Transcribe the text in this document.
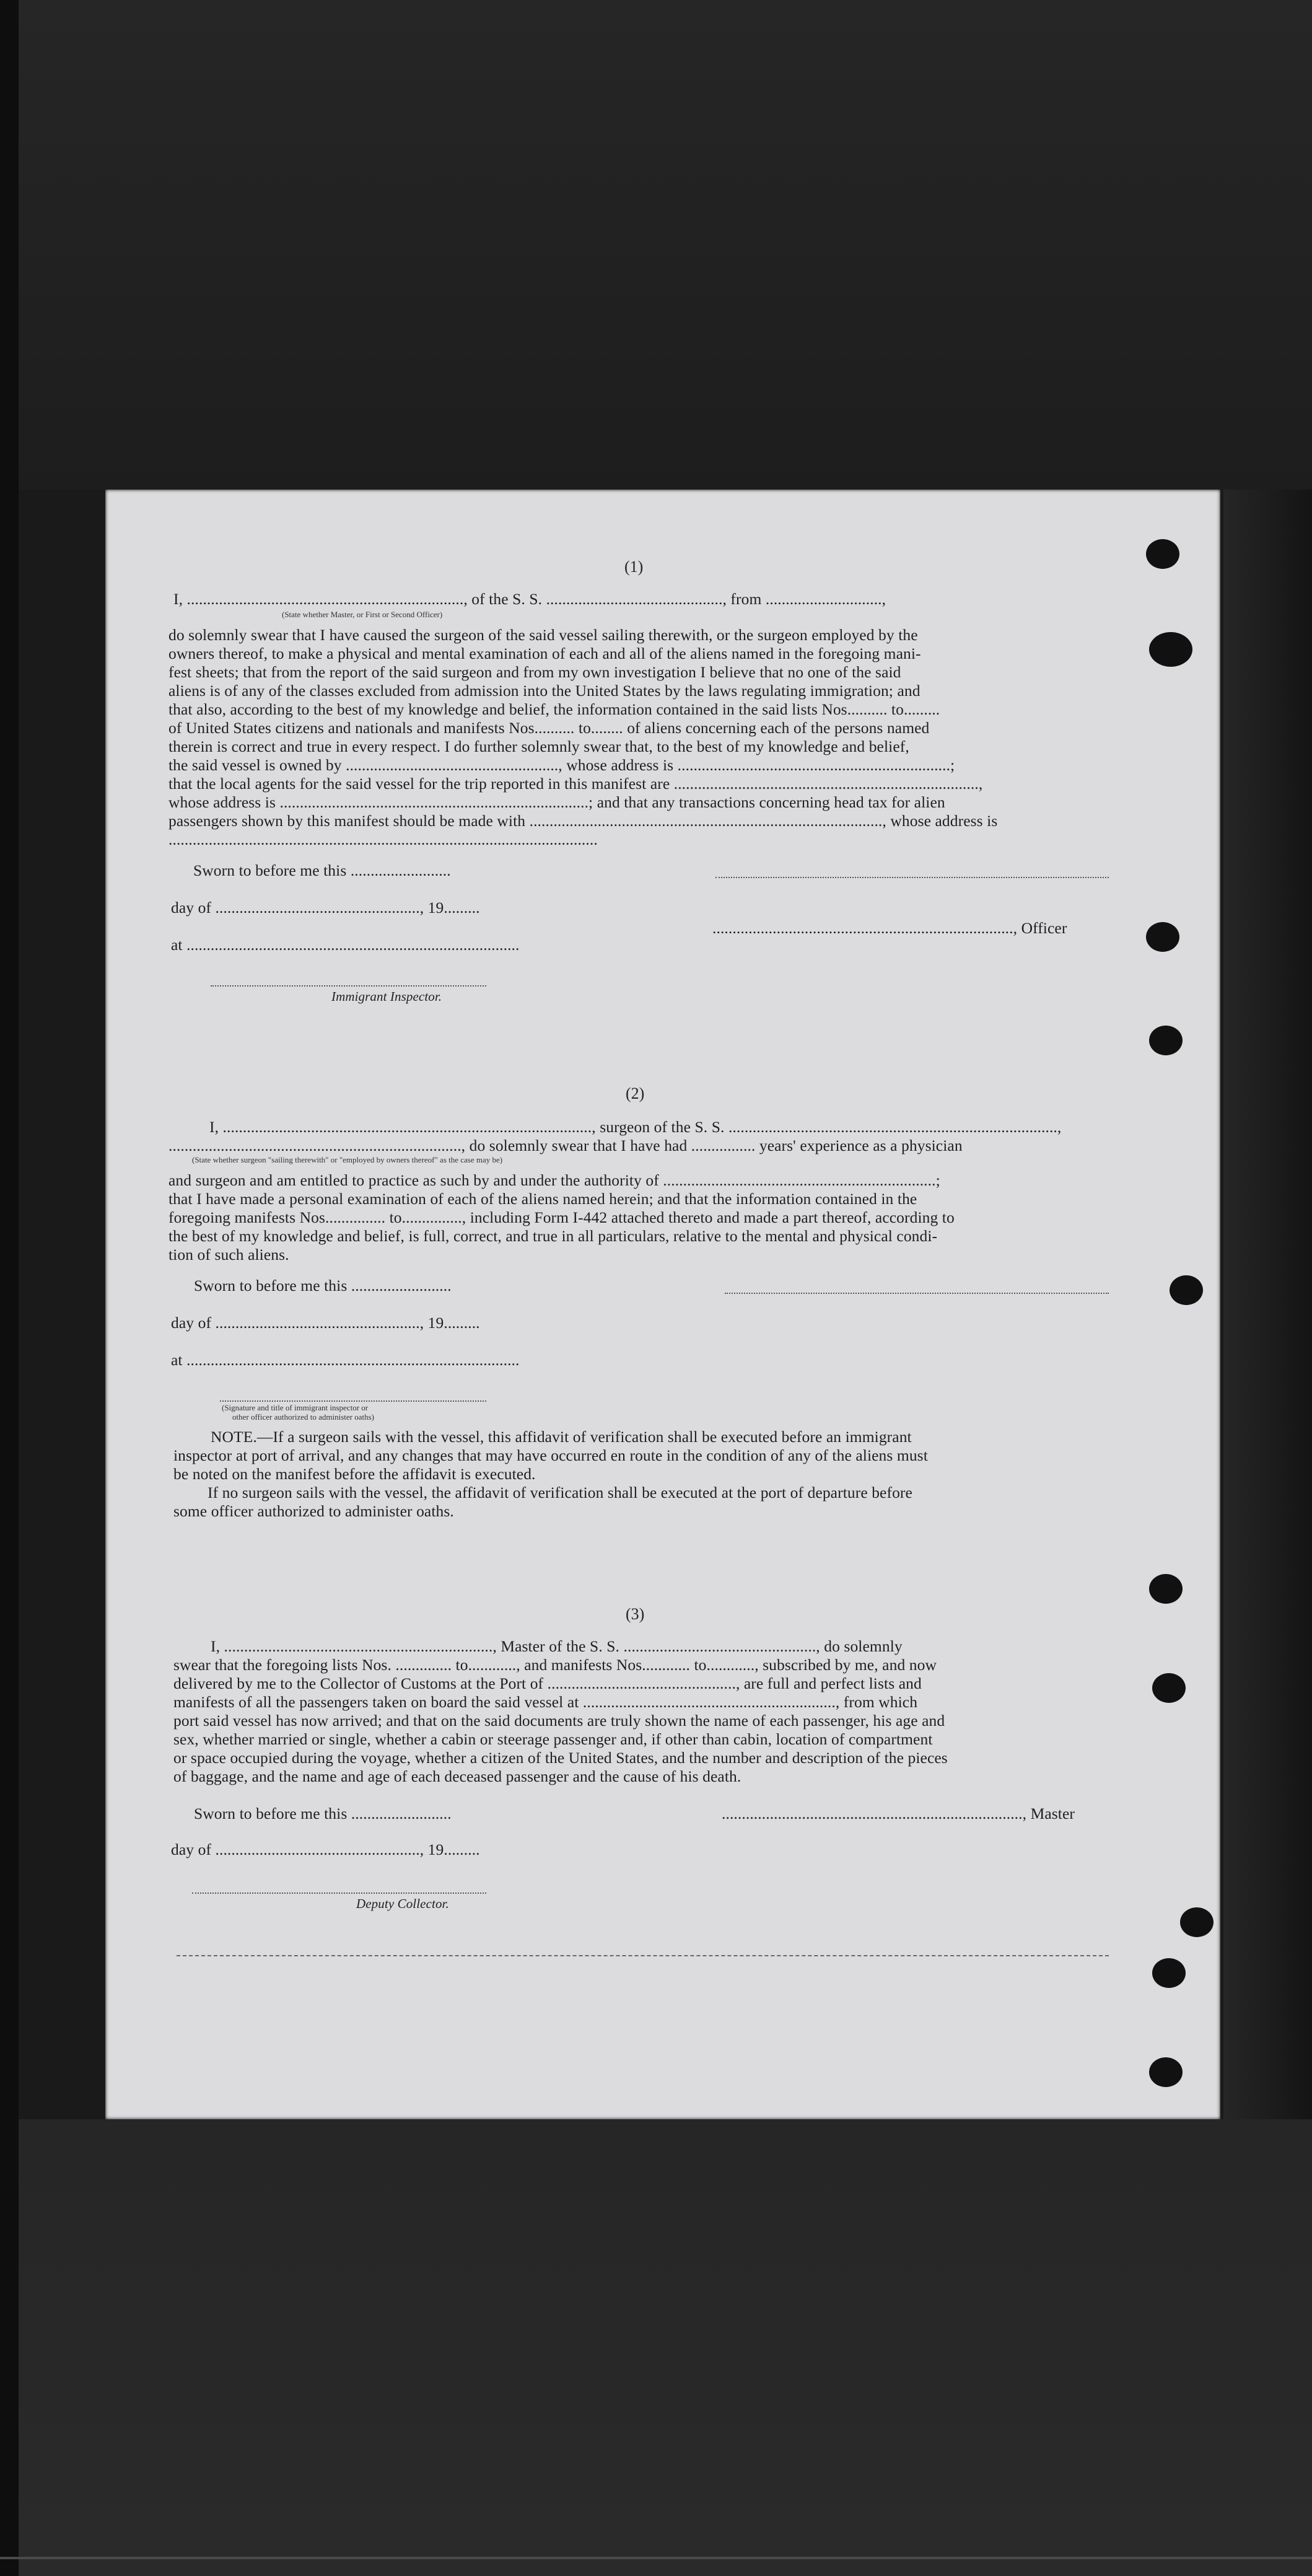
(1)
I, ....................................................................., of the S. S. ............................................, from .............................,
(State whether Master, or First or Second Officer)
do solemnly swear that I have caused the surgeon of the said vessel sailing therewith, or the surgeon employed by the
owners thereof, to make a physical and mental examination of each and all of the aliens named in the foregoing mani-
fest sheets; that from the report of the said surgeon and from my own investigation I believe that no one of the said
aliens is of any of the classes excluded from admission into the United States by the laws regulating immigration; and
that also, according to the best of my knowledge and belief, the information contained in the said lists Nos.......... to.........
of United States citizens and nationals and manifests Nos.......... to........ of aliens concerning each of the persons named
therein is correct and true in every respect. I do further solemnly swear that, to the best of my knowledge and belief,
the said vessel is owned by ....................................................., whose address is ....................................................................;
that the local agents for the said vessel for the trip reported in this manifest are ............................................................................,
whose address is .............................................................................; and that any transactions concerning head tax for alien
passengers shown by this manifest should be made with ........................................................................................, whose address is
...........................................................................................................
Sworn to before me this .........................
day of ..................................................., 19.........
..........................................................................., Officer
at ...................................................................................
Immigrant Inspector.
(2)
I, ............................................................................................, surgeon of the S. S. ..................................................................................,
........................................................................., do solemnly swear that I have had ................ years' experience as a physician
(State whether surgeon "sailing therewith" or "employed by owners thereof" as the case may be)
and surgeon and am entitled to practice as such by and under the authority of ....................................................................;
that I have made a personal examination of each of the aliens named herein; and that the information contained in the
foregoing manifests Nos............... to..............., including Form I-442 attached thereto and made a part thereof, according to
the best of my knowledge and belief, is full, correct, and true in all particulars, relative to the mental and physical condi-
tion of such aliens.
Sworn to before me this .........................
day of ..................................................., 19.........
at ...................................................................................
(Signature and title of immigrant inspector or
other officer authorized to administer oaths)
NOTE.—If a surgeon sails with the vessel, this affidavit of verification shall be executed before an immigrant
inspector at port of arrival, and any changes that may have occurred en route in the condition of any of the aliens must
be noted on the manifest before the affidavit is executed.
If no surgeon sails with the vessel, the affidavit of verification shall be executed at the port of departure before
some officer authorized to administer oaths.
(3)
I, ..................................................................., Master of the S. S. ................................................, do solemnly
swear that the foregoing lists Nos. .............. to............, and manifests Nos............ to............, subscribed by me, and now
delivered by me to the Collector of Customs at the Port of ..............................................., are full and perfect lists and
manifests of all the passengers taken on board the said vessel at ..............................................................., from which
port said vessel has now arrived; and that on the said documents are truly shown the name of each passenger, his age and
sex, whether married or single, whether a cabin or steerage passenger and, if other than cabin, location of compartment
or space occupied during the voyage, whether a citizen of the United States, and the number and description of the pieces
of baggage, and the name and age of each deceased passenger and the cause of his death.
Sworn to before me this .........................	..........................................................................., Master
day of ..................................................., 19.........
Deputy Collector.
